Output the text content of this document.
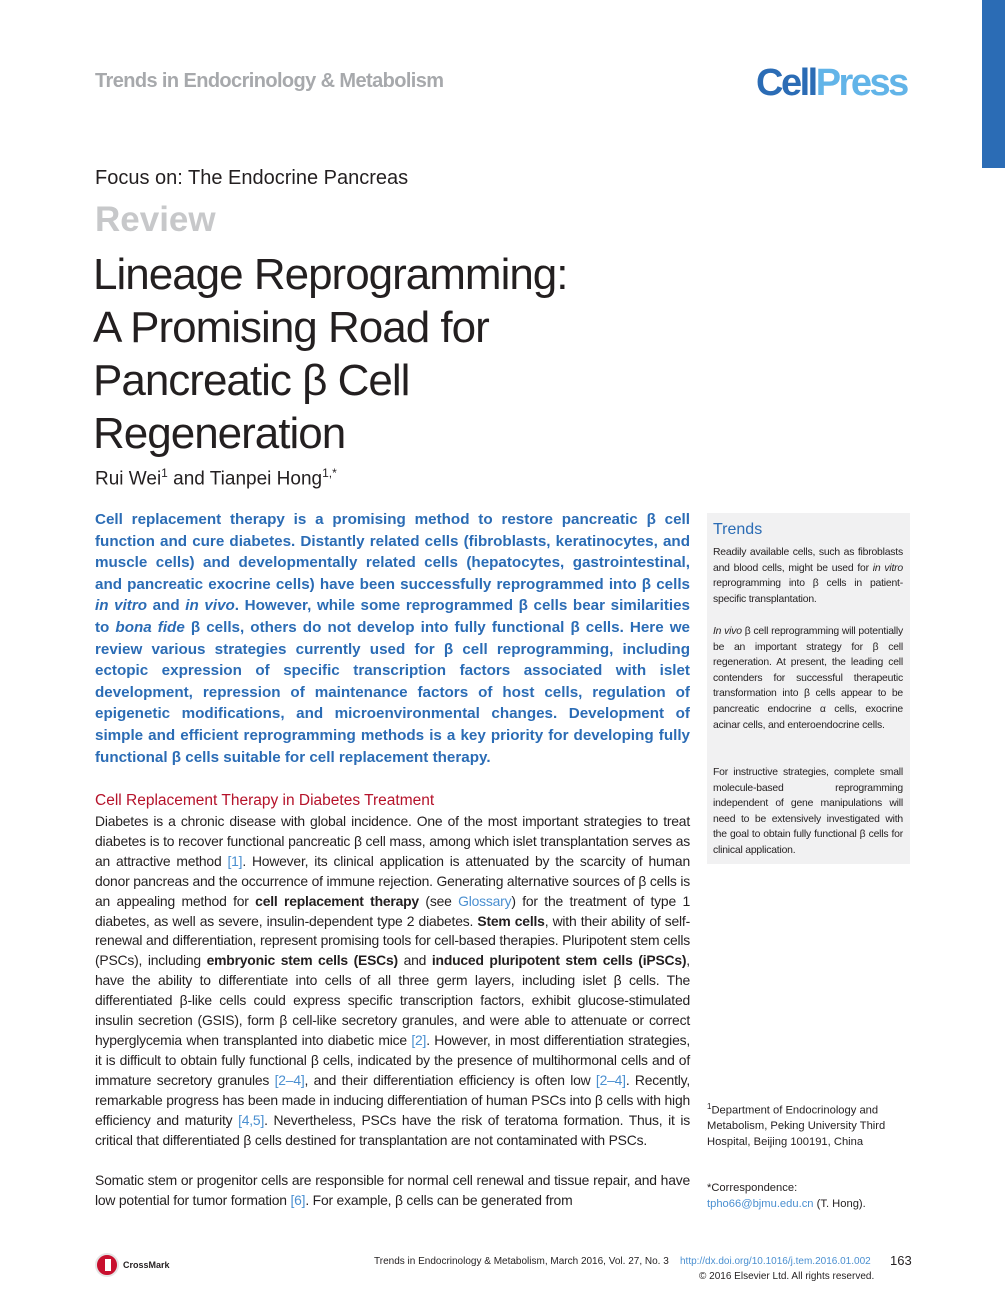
Trends in Endocrinology & Metabolism	CellPress
Focus on: The Endocrine Pancreas
Review
Lineage Reprogramming:
A Promising Road for
Pancreatic β Cell
Regeneration
Rui Wei$^1$ and Tianpei Hong$^{1,*}$

Cell replacement therapy is a promising method to restore pancreatic β cell function and cure diabetes. Distantly related cells (fibroblasts, keratinocytes, and muscle cells) and developmentally related cells (hepatocytes, gastrointestinal, and pancreatic exocrine cells) have been successfully reprogrammed into β cells in vitro and in vivo. However, while some reprogrammed β cells bear similarities to bona fide β cells, others do not develop into fully functional β cells. Here we review various strategies currently used for β cell reprogramming, including ectopic expression of specific transcription factors associated with islet development, repression of maintenance factors of host cells, regulation of epigenetic modifications, and microenvironmental changes. Development of simple and efficient reprogramming methods is a key priority for developing fully functional β cells suitable for cell replacement therapy.

Cell Replacement Therapy in Diabetes Treatment

Diabetes is a chronic disease with global incidence. One of the most important strategies to treat diabetes is to recover functional pancreatic β cell mass, among which islet transplantation serves as an attractive method [1]. However, its clinical application is attenuated by the scarcity of human donor pancreas and the occurrence of immune rejection. Generating alternative sources of β cells is an appealing method for cell replacement therapy (see Glossary) for the treatment of type 1 diabetes, as well as severe, insulin-dependent type 2 diabetes. Stem cells, with their ability of self-renewal and differentiation, represent promising tools for cell-based therapies. Pluripotent stem cells (PSCs), including embryonic stem cells (ESCs) and induced pluripotent stem cells (iPSCs), have the ability to differentiate into cells of all three germ layers, including islet β cells. The differentiated β-like cells could express specific transcription factors, exhibit glucose-stimulated insulin secretion (GSIS), form β cell-like secretory granules, and were able to attenuate or correct hyperglycemia when transplanted into diabetic mice [2]. However, in most differentiation strategies, it is difficult to obtain fully functional β cells, indicated by the presence of multihormonal cells and of immature secretory granules [2–4], and their differentiation efficiency is often low [2–4]. Recently, remarkable progress has been made in inducing differentiation of human PSCs into β cells with high efficiency and maturity [4,5]. Nevertheless, PSCs have the risk of teratoma formation. Thus, it is critical that differentiated β cells destined for transplantation are not contaminated with PSCs.

Somatic stem or progenitor cells are responsible for normal cell renewal and tissue repair, and have low potential for tumor formation [6]. For example, β cells can be generated from

Trends

Readily available cells, such as fibroblasts and blood cells, might be used for in vitro reprogramming into β cells in patient-specific transplantation.

In vivo β cell reprogramming will potentially be an important strategy for β cell regeneration. At present, the leading cell contenders for successful therapeutic transformation into β cells appear to be pancreatic endocrine α cells, exocrine acinar cells, and enteroendocrine cells.

For instructive strategies, complete small molecule-based reprogramming independent of gene manipulations will need to be extensively investigated with the goal to obtain fully functional β cells for clinical application.

$^1$Department of Endocrinology and Metabolism, Peking University Third Hospital, Beijing 100191, China

*Correspondence:
tpho66@bjmu.edu.cn (T. Hong).

CrossMark	Trends in Endocrinology & Metabolism, March 2016, Vol. 27, No. 3 http://dx.doi.org/10.1016/j.tem.2016.01.002 163
© 2016 Elsevier Ltd. All rights reserved.
